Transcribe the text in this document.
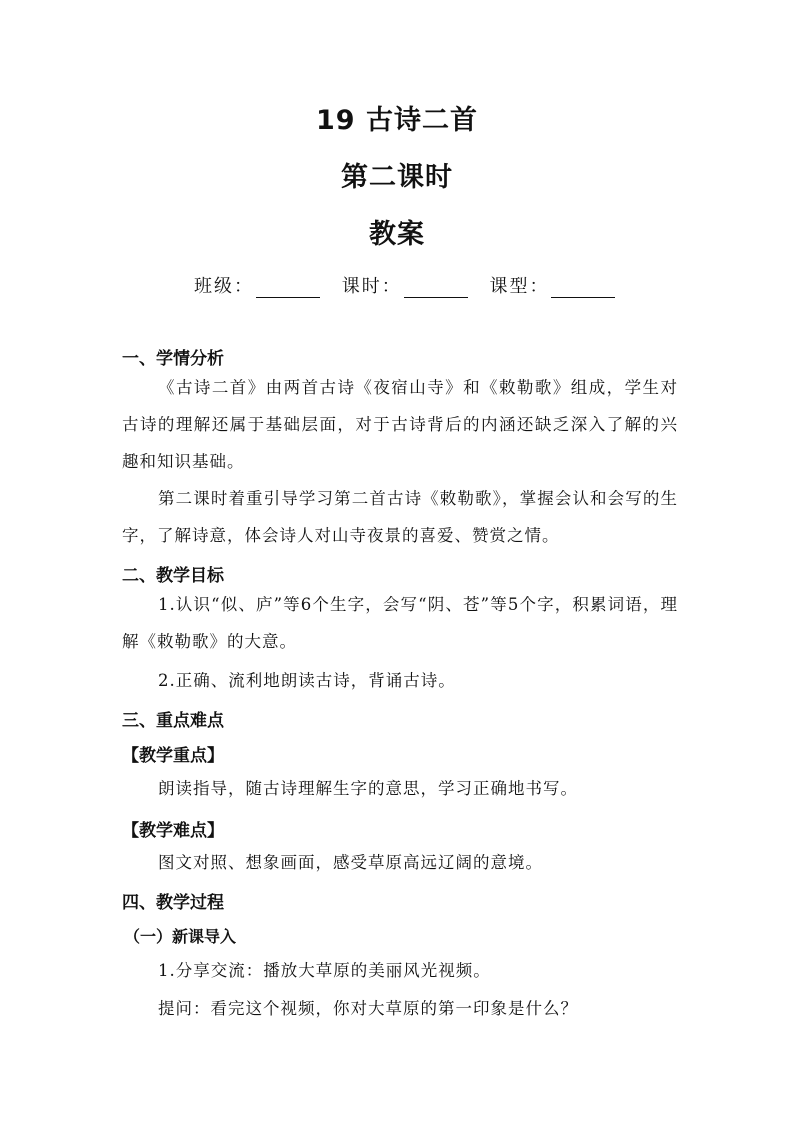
19 古诗二首
第二课时
教案
班级：	课时：	课型：
一、学情分析
《古诗二首》由两首古诗《夜宿山寺》和《敕勒歌》组成，学生对古诗的理解还属于基础层面，对于古诗背后的内涵还缺乏深入了解的兴趣和知识基础。
第二课时着重引导学习第二首古诗《敕勒歌》，掌握会认和会写的生字，了解诗意，体会诗人对山寺夜景的喜爱、赞赏之情。
二、教学目标
1.认识“似、庐”等6个生字，会写“阴、苍”等5个字，积累词语，理解《敕勒歌》的大意。
2.正确、流利地朗读古诗，背诵古诗。
三、重点难点
【教学重点】
朗读指导，随古诗理解生字的意思，学习正确地书写。
【教学难点】
图文对照、想象画面，感受草原高远辽阔的意境。
四、教学过程
（一）新课导入
1.分享交流：播放大草原的美丽风光视频。
提问：看完这个视频，你对大草原的第一印象是什么？
